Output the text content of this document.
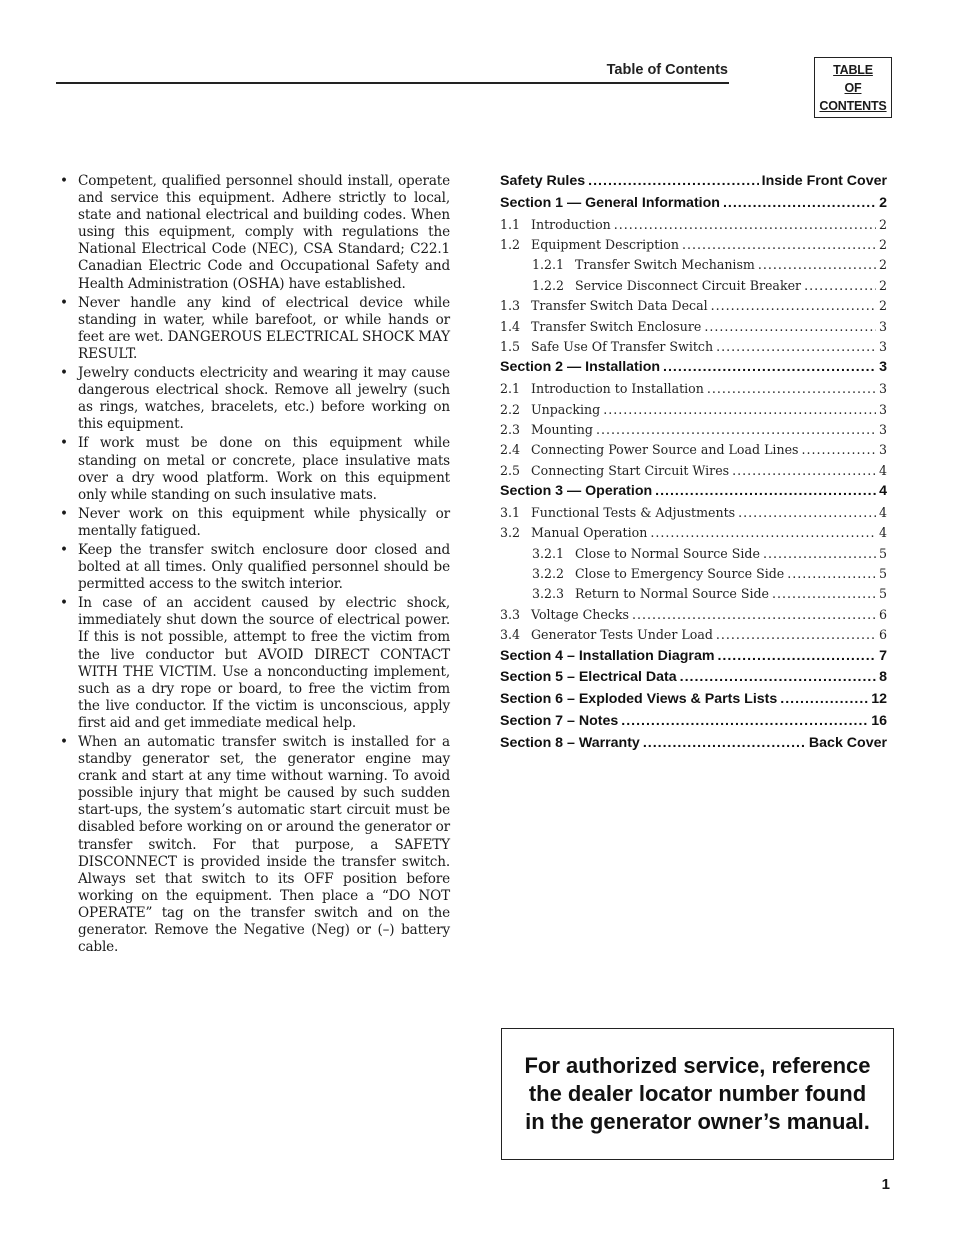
Table of Contents	TABLE
OF
CONTENTS
• Competent, qualified personnel should install, operate and service this equipment. Adhere strictly to local, state and national electrical and building codes. When using this equipment, comply with regulations the National Electrical Code (NEC), CSA Standard; C22.1 Canadian Electric Code and Occupational Safety and Health Administration (OSHA) have established.
• Never handle any kind of electrical device while standing in water, while barefoot, or while hands or feet are wet. DANGEROUS ELECTRICAL SHOCK MAY RESULT.
• Jewelry conducts electricity and wearing it may cause dangerous electrical shock. Remove all jewelry (such as rings, watches, bracelets, etc.) before working on this equipment.
• If work must be done on this equipment while standing on metal or concrete, place insulative mats over a dry wood platform. Work on this equipment only while standing on such insulative mats.
• Never work on this equipment while physically or mentally fatigued.
• Keep the transfer switch enclosure door closed and bolted at all times. Only qualified personnel should be permitted access to the switch interior.
• In case of an accident caused by electric shock, immediately shut down the source of electrical power. If this is not possible, attempt to free the victim from the live conductor but AVOID DIRECT CONTACT WITH THE VICTIM. Use a nonconducting implement, such as a dry rope or board, to free the victim from the live conductor. If the victim is unconscious, apply first aid and get immediate medical help.
• When an automatic transfer switch is installed for a standby generator set, the generator engine may crank and start at any time without warning. To avoid possible injury that might be caused by such sudden start-ups, the system’s automatic start circuit must be disabled before working on or around the generator or transfer switch. For that purpose, a SAFETY DISCONNECT is provided inside the transfer switch. Always set that switch to its OFF position before working on the equipment. Then place a “DO NOT OPERATE” tag on the transfer switch and on the generator. Remove the Negative (Neg) or (–) battery cable.
Safety Rules .....	Inside Front Cover
Section 1 — General Information .....	2
1.1 Introduction .....	2
1.2 Equipment Description .....	2
1.2.1 Transfer Switch Mechanism .....	2
1.2.2 Service Disconnect Circuit Breaker .....	2
1.3 Transfer Switch Data Decal .....	2
1.4 Transfer Switch Enclosure .....	3
1.5 Safe Use Of Transfer Switch .....	3
Section 2 — Installation .....	3
2.1 Introduction to Installation .....	3
2.2 Unpacking .....	3
2.3 Mounting .....	3
2.4 Connecting Power Source and Load Lines .....	3
2.5 Connecting Start Circuit Wires .....	4
Section 3 — Operation .....	4
3.1 Functional Tests & Adjustments .....	4
3.2 Manual Operation .....	4
3.2.1 Close to Normal Source Side .....	5
3.2.2 Close to Emergency Source Side .....	5
3.2.3 Return to Normal Source Side .....	5
3.3 Voltage Checks .....	6
3.4 Generator Tests Under Load .....	6
Section 4 – Installation Diagram .....	7
Section 5 – Electrical Data .....	8
Section 6 – Exploded Views & Parts Lists .....	12
Section 7 – Notes .....	16
Section 8 – Warranty .....	Back Cover
For authorized service, reference the dealer locator number found in the generator owner’s manual.
1
